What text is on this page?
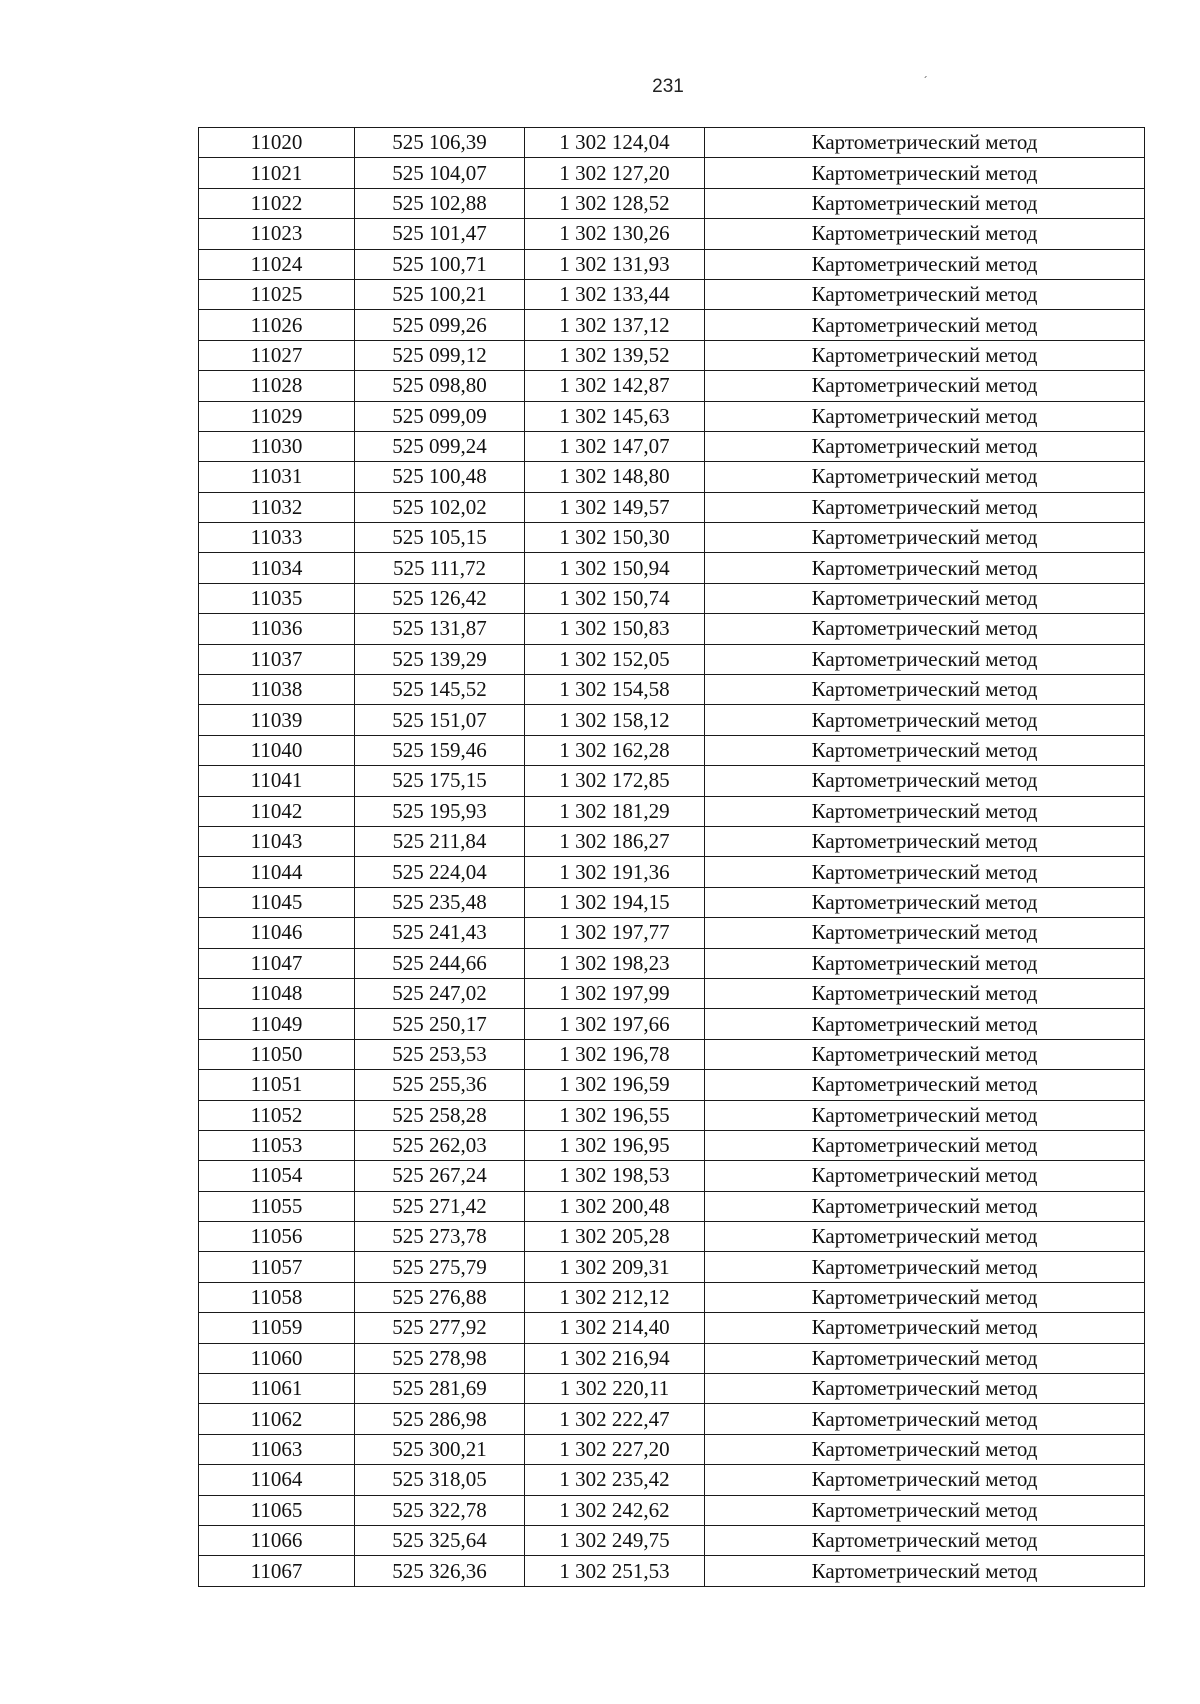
231	´
11020	525 106,39	1 302 124,04	Картометрический метод
11021	525 104,07	1 302 127,20	Картометрический метод
11022	525 102,88	1 302 128,52	Картометрический метод
11023	525 101,47	1 302 130,26	Картометрический метод
11024	525 100,71	1 302 131,93	Картометрический метод
11025	525 100,21	1 302 133,44	Картометрический метод
11026	525 099,26	1 302 137,12	Картометрический метод
11027	525 099,12	1 302 139,52	Картометрический метод
11028	525 098,80	1 302 142,87	Картометрический метод
11029	525 099,09	1 302 145,63	Картометрический метод
11030	525 099,24	1 302 147,07	Картометрический метод
11031	525 100,48	1 302 148,80	Картометрический метод
11032	525 102,02	1 302 149,57	Картометрический метод
11033	525 105,15	1 302 150,30	Картометрический метод
11034	525 111,72	1 302 150,94	Картометрический метод
11035	525 126,42	1 302 150,74	Картометрический метод
11036	525 131,87	1 302 150,83	Картометрический метод
11037	525 139,29	1 302 152,05	Картометрический метод
11038	525 145,52	1 302 154,58	Картометрический метод
11039	525 151,07	1 302 158,12	Картометрический метод
11040	525 159,46	1 302 162,28	Картометрический метод
11041	525 175,15	1 302 172,85	Картометрический метод
11042	525 195,93	1 302 181,29	Картометрический метод
11043	525 211,84	1 302 186,27	Картометрический метод
11044	525 224,04	1 302 191,36	Картометрический метод
11045	525 235,48	1 302 194,15	Картометрический метод
11046	525 241,43	1 302 197,77	Картометрический метод
11047	525 244,66	1 302 198,23	Картометрический метод
11048	525 247,02	1 302 197,99	Картометрический метод
11049	525 250,17	1 302 197,66	Картометрический метод
11050	525 253,53	1 302 196,78	Картометрический метод
11051	525 255,36	1 302 196,59	Картометрический метод
11052	525 258,28	1 302 196,55	Картометрический метод
11053	525 262,03	1 302 196,95	Картометрический метод
11054	525 267,24	1 302 198,53	Картометрический метод
11055	525 271,42	1 302 200,48	Картометрический метод
11056	525 273,78	1 302 205,28	Картометрический метод
11057	525 275,79	1 302 209,31	Картометрический метод
11058	525 276,88	1 302 212,12	Картометрический метод
11059	525 277,92	1 302 214,40	Картометрический метод
11060	525 278,98	1 302 216,94	Картометрический метод
11061	525 281,69	1 302 220,11	Картометрический метод
11062	525 286,98	1 302 222,47	Картометрический метод
11063	525 300,21	1 302 227,20	Картометрический метод
11064	525 318,05	1 302 235,42	Картометрический метод
11065	525 322,78	1 302 242,62	Картометрический метод
11066	525 325,64	1 302 249,75	Картометрический метод
11067	525 326,36	1 302 251,53	Картометрический метод
